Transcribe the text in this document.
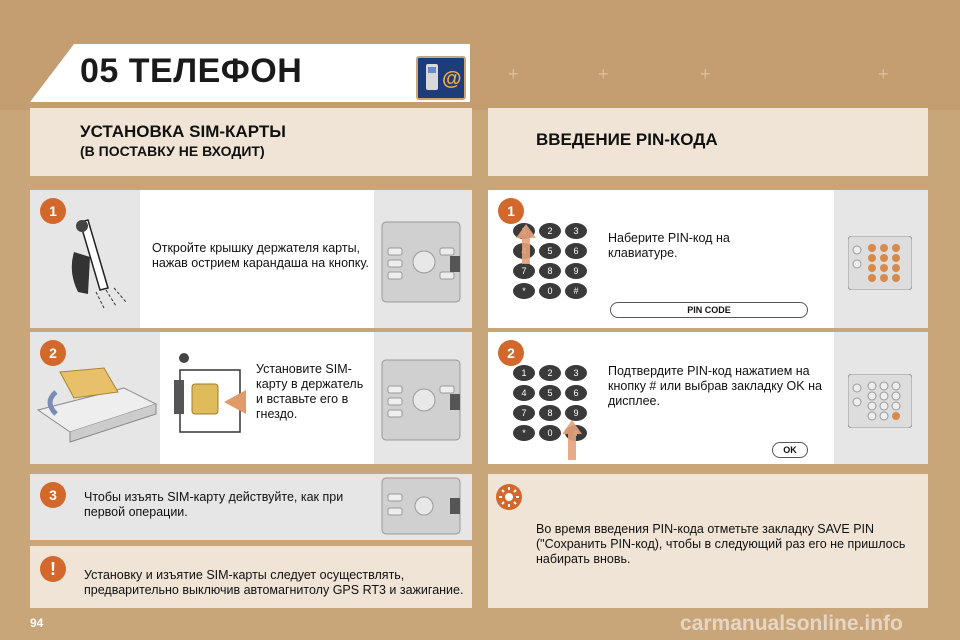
+	+	+	+
05 ТЕЛЕФОН	@
УСТАНОВКА SIM-КАРТЫ
(В ПОСТАВКУ НЕ ВХОДИТ)
ВВЕДЕНИЕ PIN-КОДА
1
Откройте крышку держателя карты, нажав острием карандаша на кнопку.
2
Установите SIM-карту в держатель и вставьте его в гнездо.
3	Чтобы изъять SIM-карту действуйте, как при первой операции.
!	Установку и изъятие SIM-карты следует осуществлять, предварительно выключив автомагнитолу GPS RT3 и зажигание.
1
2 3
5 6
7 8 9
* 0 #
Наберите PIN-код на клавиатуре.
PIN CODE
2
1 2 3
4 5 6
7 8 9
* 0
Подтвердите PIN-код нажатием на кнопку # или выбрав закладку OK на дисплее.
OK
Во время введения PIN-кода отметьте закладку SAVE PIN ("Сохранить PIN-код), чтобы в следующий раз его не пришлось набирать вновь.
94	carmanualsonline.info
